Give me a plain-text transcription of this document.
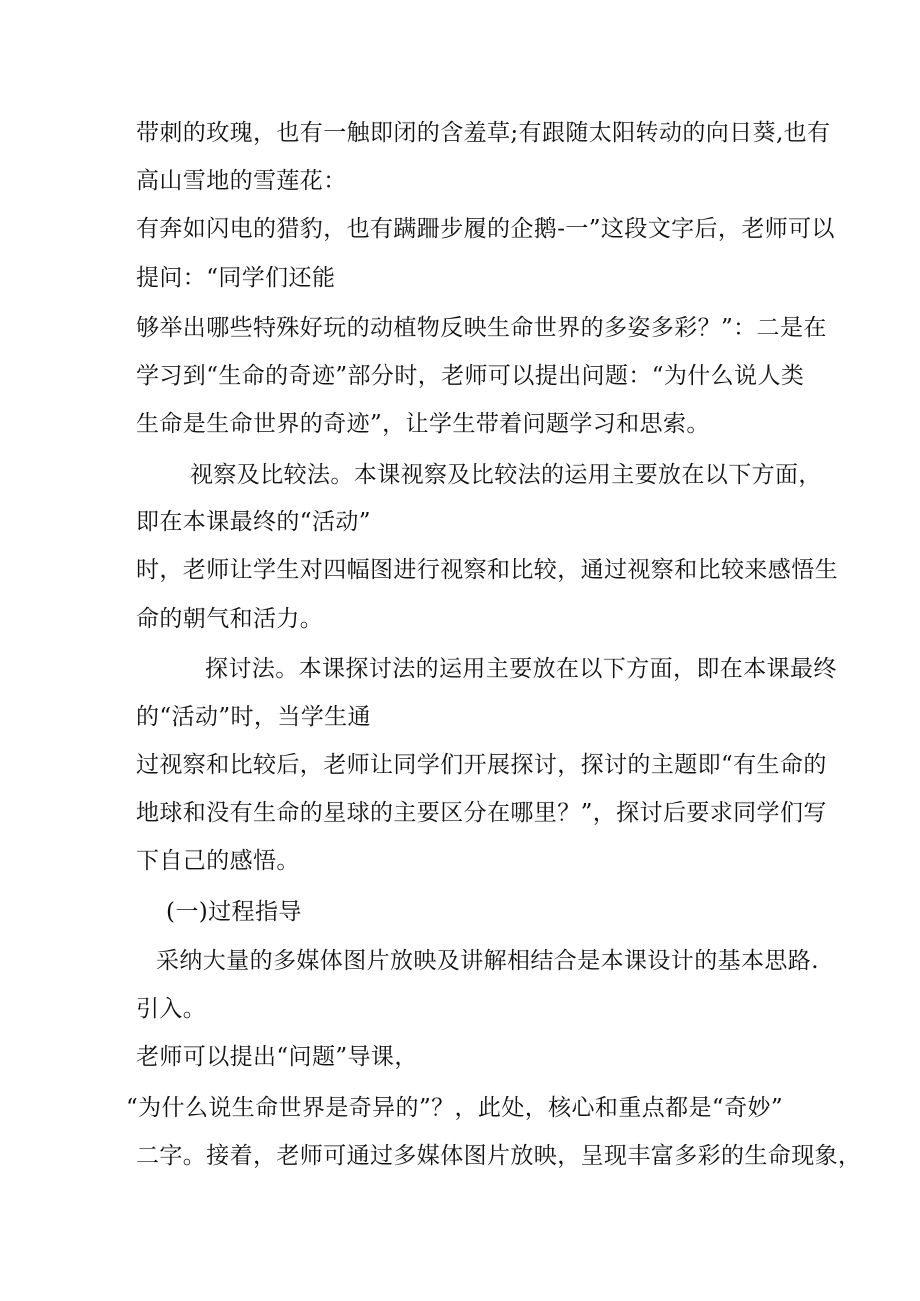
带刺的玫瑰，也有一触即闭的含羞草;有跟随太阳转动的向日葵,也有
高山雪地的雪莲花：
有奔如闪电的猎豹，也有蹒跚步履的企鹅-一”这段文字后，老师可以
提问：“同学们还能
够举出哪些特殊好玩的动植物反映生命世界的多姿多彩？”：二是在
学习到“生命的奇迹”部分时，老师可以提出问题：“为什么说人类
生命是生命世界的奇迹”，让学生带着问题学习和思索。
视察及比较法。本课视察及比较法的运用主要放在以下方面，
即在本课最终的“活动”
时，老师让学生对四幅图进行视察和比较，通过视察和比较来感悟生
命的朝气和活力。
探讨法。本课探讨法的运用主要放在以下方面，即在本课最终
的“活动”时，当学生通
过视察和比较后，老师让同学们开展探讨，探讨的主题即“有生命的
地球和没有生命的星球的主要区分在哪里？”，探讨后要求同学们写
下自己的感悟。
(一)过程指导
采纳大量的多媒体图片放映及讲解相结合是本课设计的基本思路.
引入。
老师可以提出“问题”导课，
“为什么说生命世界是奇异的”？，此处，核心和重点都是“奇妙”
二字。接着，老师可通过多媒体图片放映，呈现丰富多彩的生命现象，
